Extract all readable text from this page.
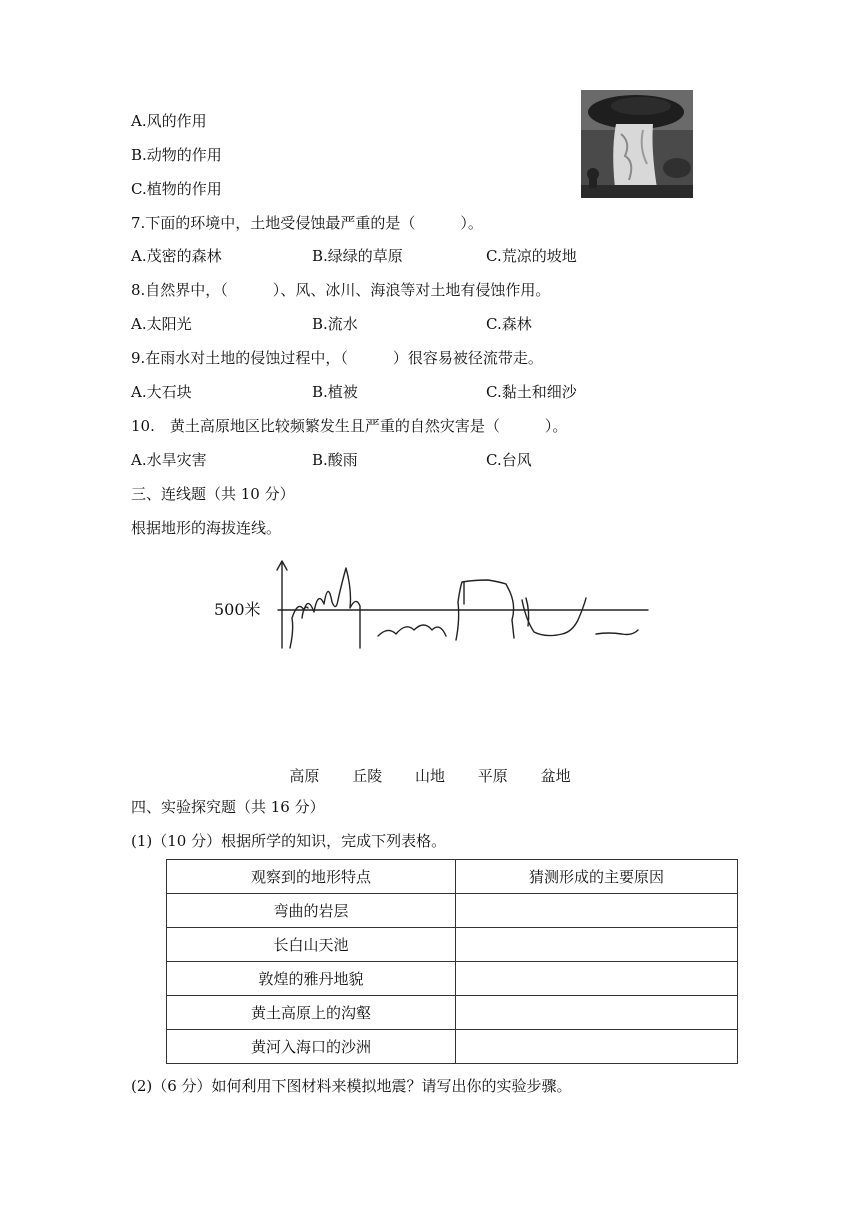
A.风的作用
B.动物的作用
C.植物的作用
7.下面的环境中，土地受侵蚀最严重的是（　　　）。
A.茂密的森林	B.绿绿的草原	C.荒凉的坡地
8.自然界中，（　　　）、风、冰川、海浪等对土地有侵蚀作用。
A.太阳光	B.流水	C.森林
9.在雨水对土地的侵蚀过程中，（　　　）很容易被径流带走。
A.大石块	B.植被	C.黏土和细沙
10.　黄土高原地区比较频繁发生且严重的自然灾害是（　　　）。
A.水旱灾害	B.酸雨	C.台风
三、连线题（共 10 分）
根据地形的海拔连线。
500米
高原 丘陵 山地 平原 盆地
四、实验探究题（共 16 分）
(1)（10 分）根据所学的知识，完成下列表格。
观察到的地形特点	猜测形成的主要原因
弯曲的岩层	
长白山天池	
敦煌的雅丹地貌	
黄土高原上的沟壑	
黄河入海口的沙洲	
(2)（6 分）如何利用下图材料来模拟地震？请写出你的实验步骤。
